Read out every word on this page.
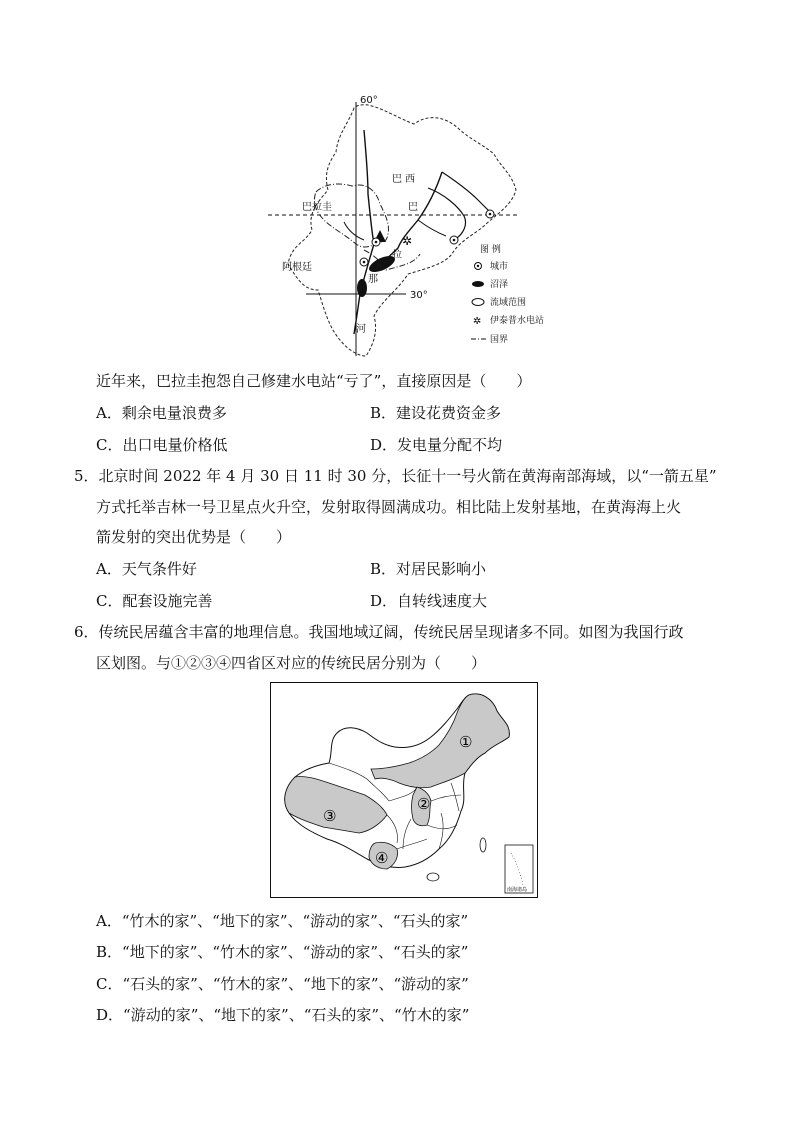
✲
60°
30°
巴 西
巴拉圭
阿根廷
巴
拉
那
河
图 例
城市
沼泽
流域范围
✲ 伊泰普水电站
国界
近年来，巴拉圭抱怨自己修建水电站“亏了”，直接原因是（　　）
A．剩余电量浪费多	B．建设花费资金多
C．出口电量价格低	D．发电量分配不均
5．北京时间 2022 年 4 月 30 日 11 时 30 分，长征十一号火箭在黄海南部海域，以“一箭五星”
方式托举吉林一号卫星点火升空，发射取得圆满成功。相比陆上发射基地，在黄海海上火
箭发射的突出优势是（　　）
A．天气条件好	B．对居民影响小
C．配套设施完善	D．自转线速度大
6．传统民居蕴含丰富的地理信息。我国地域辽阔，传统民居呈现诸多不同。如图为我国行政
区划图。与①②③④四省区对应的传统民居分别为（　　）
南海诸岛
①
②
③
④
A．“竹木的家”、“地下的家”、“游动的家”、“石头的家”
B．“地下的家”、“竹木的家”、“游动的家”、“石头的家”
C．“石头的家”、“竹木的家”、“地下的家”、“游动的家”
D．“游动的家”、“地下的家”、“石头的家”、“竹木的家”
